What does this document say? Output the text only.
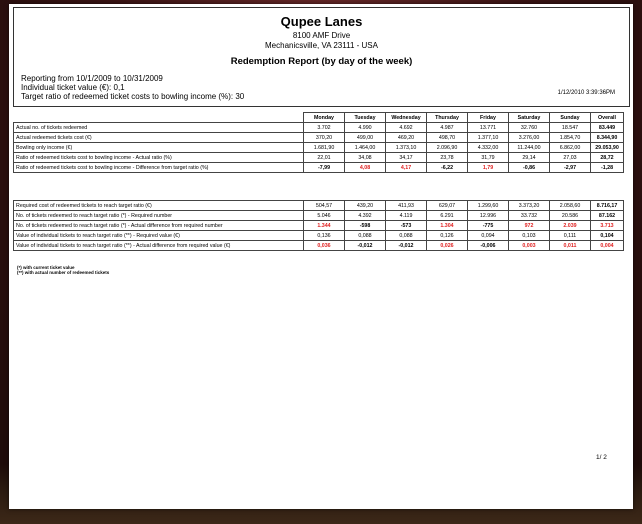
Qupee Lanes
8100 AMF Drive
Mechanicsville, VA 23111 - USA
Redemption Report (by day of the week)
Reporting from 10/1/2009 to 10/31/2009
Individual ticket value (€): 0,1
Target ratio of redeemed ticket costs to bowling income (%): 30	1/12/2010 3:39:36PM
	Monday	Tuesday	Wednesday	Thursday	Friday	Saturday	Sunday	Overall
Actual no. of tickets redeemed	3.702	4.990	4.692	4.987	13.771	32.760	18.547	83.449
Actual redeemed tickets cost (€)	370,20	499,00	469,20	498,70	1.377,10	3.276,00	1.854,70	8.344,90
Bowling only income (€)	1.681,90	1.464,00	1.373,10	2.096,90	4.332,00	11.244,00	6.862,00	29.053,90
Ratio of redeemed tickets cost to bowling income - Actual ratio (%)	22,01	34,08	34,17	23,78	31,79	29,14	27,03	28,72
Ratio of redeemed tickets cost to bowling income - Difference from target ratio (%)	-7,99	4,08	4,17	-6,22	1,79	-0,86	-2,97	-1,28
Required cost of redeemed tickets to reach target ratio (€)	504,57	439,20	411,93	629,07	1.299,60	3.373,20	2.058,60	8.716,17
No. of tickets redeemed to reach target ratio (*) - Required number	5.046	4.392	4.119	6.291	12.996	33.732	20.586	87.162
No. of tickets redeemed to reach target ratio (*) - Actual difference from required number	1.344	-598	-573	1.304	-775	972	2.039	3.713
Value of individual tickets to reach target ratio (**) - Required value (€)	0,136	0,088	0,088	0,126	0,094	0,103	0,111	0,104
Value of individual tickets to reach target ratio (**) - Actual difference from required value (€)	0,036	-0,012	-0,012	0,026	-0,006	0,003	0,011	0,004
(*) with current ticket value
(**) with actual number of redeemed tickets
1/ 2
